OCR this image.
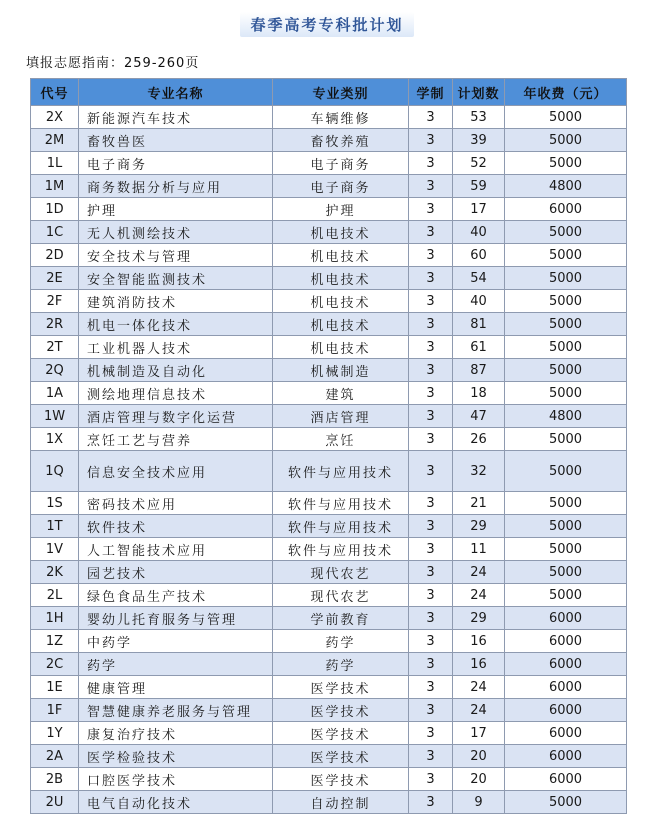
春季高考专科批计划
填报志愿指南：259-260页
代号	专业名称	专业类别	学制	计划数	年收费（元）
2X	新能源汽车技术	车辆维修	3	53	5000
2M	畜牧兽医	畜牧养殖	3	39	5000
1L	电子商务	电子商务	3	52	5000
1M	商务数据分析与应用	电子商务	3	59	4800
1D	护理	护理	3	17	6000
1C	无人机测绘技术	机电技术	3	40	5000
2D	安全技术与管理	机电技术	3	60	5000
2E	安全智能监测技术	机电技术	3	54	5000
2F	建筑消防技术	机电技术	3	40	5000
2R	机电一体化技术	机电技术	3	81	5000
2T	工业机器人技术	机电技术	3	61	5000
2Q	机械制造及自动化	机械制造	3	87	5000
1A	测绘地理信息技术	建筑	3	18	5000
1W	酒店管理与数字化运营	酒店管理	3	47	4800
1X	烹饪工艺与营养	烹饪	3	26	5000
1Q	信息安全技术应用	软件与应用技术	3	32	5000
1S	密码技术应用	软件与应用技术	3	21	5000
1T	软件技术	软件与应用技术	3	29	5000
1V	人工智能技术应用	软件与应用技术	3	11	5000
2K	园艺技术	现代农艺	3	24	5000
2L	绿色食品生产技术	现代农艺	3	24	5000
1H	婴幼儿托育服务与管理	学前教育	3	29	6000
1Z	中药学	药学	3	16	6000
2C	药学	药学	3	16	6000
1E	健康管理	医学技术	3	24	6000
1F	智慧健康养老服务与管理	医学技术	3	24	6000
1Y	康复治疗技术	医学技术	3	17	6000
2A	医学检验技术	医学技术	3	20	6000
2B	口腔医学技术	医学技术	3	20	6000
2U	电气自动化技术	自动控制	3	9	5000
